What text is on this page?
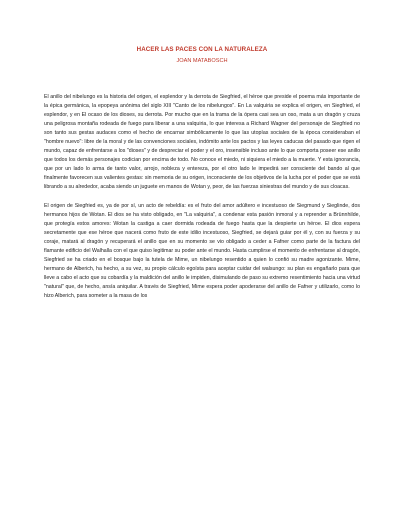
HACER LAS PACES CON LA NATURALEZA

JOAN MATABOSCH

El anillo del nibelungo es la historia del origen, el esplendor y la derrota de Siegfried, el héroe que preside el poema más importante de la épica germánica, la epopeya anónima del siglo XIII "Canto de los nibelungos". En La valquiria se explica el origen, en Siegfried, el esplendor, y en El ocaso de los dioses, su derrota. Por mucho que en la trama de la ópera casi sea un oso, mata a un dragón y cruza una peligrosa montaña rodeada de fuego para liberar a una valquiria, lo que interesa a Richard Wagner del personaje de Siegfried no son tanto sus gestas audaces como el hecho de encarnar simbólicamente lo que las utopías sociales de la época consideraban el "hombre nuevo": libre de la moral y de las convenciones sociales, indómito ante los pactos y las leyes caducas del pasado que rigen el mundo, capaz de enfrentarse a los "dioses" y de despreciar el poder y el oro, insensible incluso ante lo que comporta poseer ese anillo que todos los demás personajes codician por encima de todo. No conoce el miedo, ni siquiera el miedo a la muerte. Y esta ignorancia, que por un lado lo arma de tanto valor, arrojo, nobleza y entereza, por el otro lado le impedirá ser consciente del bando al que finalmente favorecen sus valientes gestas: sin memoria de su origen, inconsciente de los objetivos de la lucha por el poder que se está librando a su alrededor, acaba siendo un juguete en manos de Wotan y, peor, de las fuerzas siniestras del mundo y de sus cloacas.

El origen de Siegfried es, ya de por sí, un acto de rebeldía: es el fruto del amor adúltero e incestuoso de Siegmund y Sieglinde, dos hermanos hijos de Wotan. El dios se ha visto obligado, en "La valquiria", a condenar esta pasión inmoral y a reprender a Brünnhilde, que protegía estos amores: Wotan la castiga a caer dormida rodeada de fuego hasta que la despierte un héroe. El dios espera secretamente que ese héroe que nacerá como fruto de este idilio incestuoso, Siegfried, se dejará guiar por él y, con su fuerza y su coraje, matará al dragón y recuperará el anillo que en su momento se vio obligado a ceder a Fafner como parte de la factura del flamante edificio del Walhalla con el que quiso legitimar su poder ante el mundo. Hasta cumplirse el momento de enfrentarse al dragón, Siegfried se ha criado en el bosque bajo la tutela de Mime, un nibelungo resentido a quien lo confió su madre agonizante. Mime, hermano de Alberich, ha hecho, a su vez, su propio cálculo egoísta para aceptar cuidar del walsungo: su plan es engañarlo para que lleve a cabo el acto que su cobardía y la maldición del anillo le impiden, disimulando de paso su extremo resentimiento hacia una virtud "natural" que, de hecho, ansía aniquilar. A través de Siegfried, Mime espera poder apoderarse del anillo de Fafner y utilizarlo, como lo hizo Alberich, para someter a la masa de los
